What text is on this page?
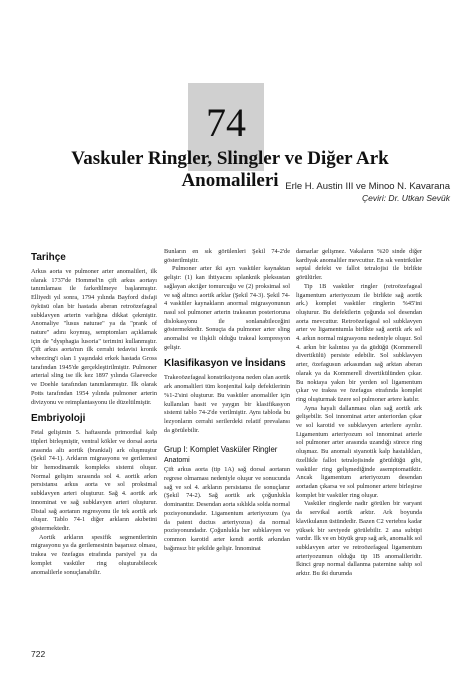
74
Vaskuler Ringler, Slingler ve Diğer Ark Anomalileri Erle H. Austin III ve Minoo N. Kavarana
Çeviri: Dr. Utkan Sevük
Tarihçe

Arkus aorta ve pulmoner arter anomalileri, ilk olarak 1737'de Hommel'in çift arkus aortayı tanımlaması ile farkedilmeye başlanmıştır. Elliyedi yıl sonra, 1794 yılında Bayford disfaji öyküsü olan bir hastada aberan retroözefageal subklavyen arterin varlığına dikkat çekmiştir. Anomaliye "lusus naturae" ya da "prank of nature" adını koymuş, semptomları açıklamak için de "dysphagia lusoria" terimini kullanmıştır. Çift arkus aorta'nın ilk cerrahi tedavisi kronik wheezing'i olan 1 yaşındaki erkek hastada Gross tarafından 1945'de gerçekleştirilmiştir. Pulmoner arterial sling ise ilk kez 1897 yılında Glaevecke ve Doehle tarafından tanımlanmıştır. İlk olarak Potts tarafından 1954 yılında pulmoner arterin divizyonu ve reimplantasyonu ile düzeltilmiştir.

Embriyoloji

Fetal gelişimin 5. haftasında primordial kalp tüpleri birleşmiştir, ventral kökler ve dorsal aorta arasında altı aortik (brankial) ark oluşmuştur (Şekil 74-1). Arkların migrasyonu ve gerilemesi bir hemodinamik kompleks sistemi oluşur. Normal gelişim sırasında sol 4. aortik arkın persistansı arkus aorta ve sol proksimal subklavyen arteri oluşturur. Sağ 4. aortik ark innominat ve sağ subklavyen arteri oluşturur. Distal sağ aortanın regresyonu ile tek aortik ark oluşur. Tablo 74-1 diğer arkların akıbetini göstermektedir.

Aortik arkların spesifik segmentlerinin migrasyonu ya da gerilemesinin başarısız olması, trakea ve özefagus etrafında parsiyel ya da komplet vasküler ring oluşturabilecek anomalilerle sonuçlanabilir.

Bunların en sık görülenleri Şekil 74-2'de gösterilmiştir.

Pulmoner arter iki ayrı vasküler kaynaktan gelişir: (1) kan ihtiyacını splanknik pleksustan sağlayan akciğer tomurcuğu ve (2) proksimal sol ve sağ altıncı aortik arklar (Şekil 74-3). Şekil 74-4 vasküler kaynakların anormal migrasyonunun nasıl sol pulmoner arterin trakeanın posterioruna dislokasyonu ile sonlanabileceğini göstermektedir. Sonuçta da pulmoner arter sling anomalisi ve ilişkili olduğu trakeal kompresyon gelişir.

Klasifikasyon ve İnsidans

Trakeoözefageal konstriksiyona neden olan aortik ark anomalileri tüm konjenital kalp defektlerinin %1-2'sini oluşturur. Bu vasküler anomaliler için kullanılan basit ve yaygın bir klasifikasyon sistemi tablo 74-2'de verilmiştir. Aynı tabloda bu lezyonların cerrahi serilerdeki relatif prevalansı da görülebilir.

Grup I: Komplet Vasküler Ringler
Anatomi

Çift arkus aorta (tip 1A) sağ dorsal aortanın regrese olmaması nedeniyle oluşur ve sonucunda sağ ve sol 4. arkların persistansı ile sonuçlanır (Şekil 74-2). Sağ aortik ark çoğunlukla dominanttır. Desendan aorta sıklıkla solda normal pozisyonundadır. Ligamentum arteriyozum (ya da patent ductus arteriyozus) da normal pozisyonundadır. Çoğunlukla her subklavyen ve common karotid arter kendi aortik arkından bağımsız bir şekilde gelişir. İnnominat

damarlar gelişmez. Vakaların %20 sinde diğer kardiyak anomaliler mevcuttur. En sık ventriküler septal defekt ve fallot tetralojisi ile birlikte görülürler.

Tip 1B vasküler ringler (retroözefageal ligamentum arteriyozum ile birlikte sağ aortik ark.) komplet vasküler ringlerin %45'ini oluşturur. Bu defektlerin çoğunda sol desendan aorta mevcuttur. Retroözefageal sol subklavyen arter ve ligamentumla birlikte sağ aortik ark sol 4. arkın normal migrasyonu nedeniyle oluşur. Sol 4. arkın bir kalıntısı ya da güdüğü (Kommerell divertikülü) persiste edebilir. Sol subklavyen arter, özefagusun arkasından sağ arktan aberan olarak ya da Kommerell divertikülünden çıkar. Bu noktaya yakın bir yerden sol ligamentum çıkar ve trakea ve özefagus etrafında komplet ring oluşturmak üzere sol pulmoner artere katılır.

Ayna hayali dallanması olan sağ aortik ark gelişebilir. Sol innominat arter anteriordan çıkar ve sol karotid ve subklavyen arterlere ayrılır. Ligamentum arteriyozum sol innominat arterle sol pulmoner arter arasında uzandığı sürece ring oluşmaz. Bu anomali siyanotik kalp hastalıkları, özellikle fallot tetralojisinde görüldüğü gibi, vasküler ring gelişmediğinde asemptomatiktir. Ancak ligamentum arteriyozum desendan aortadan çıkarsa ve sol pulmoner artere birleşirse komplet bir vasküler ring oluşur.

Vasküler ringlerde nadir görülen bir varyant da servikal aortik arktır. Ark boyunda klavikulanın üstündedir. Bazen C2 vertebra kadar yüksek bir seviyede görülebilir. 2 ana subtipi vardır. İlk ve en büyük grup sağ ark, anomalik sol subklavyen arter ve retroözefageal ligamentum arteriyozumun olduğu tip 1B anomalileridir. İkinci grup normal dallanma paternine sahip sol arktır. Bu iki durumda

722
